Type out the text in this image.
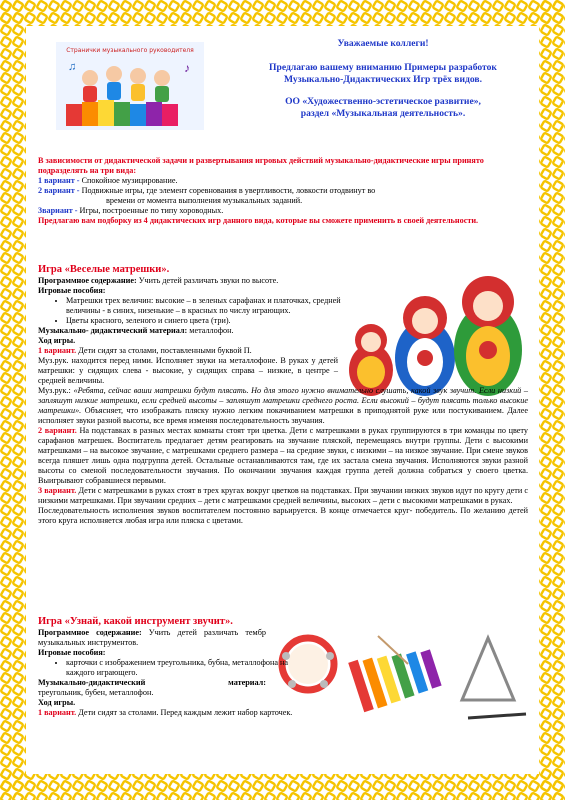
Странички музыкального руководителя
♪
♫
Уважаемые коллеги!
Предлагаю вашему вниманию Примеры разработок
Музыкально-Дидактических Игр трёх видов.
ОО «Художественно-эстетическое развитие»,
раздел «Музыкальная деятельность».

В зависимости от дидактической задачи и развертывания игровых действий музыкально-дидактические игры принято подразделять на три вида:

1 вариант - Спокойное музицирование.

2 вариант - Подвижные игры, где элемент соревнования в увертливости, ловкости отодвинут во

времени от момента выполнения музыкальных заданий.

3вариант - Игры, построенные по типу хороводных.

Предлагаю вам подборку из 4 дидактических игр данного вида, которые вы сможете применить в своей деятельности.

Игра «Веселые матрешки».

Программное содержание: Учить детей различать звуки по высоте.

Игровые пособия:

• Матрешки трех величин: высокие – в зеленых сарафанах и платочках, средней величины - в синих, низенькие – в красных по числу играющих.
• Цветы красного, зеленого и синего цвета (три).

Музыкально- дидактический материал: металлофон.

Ход игры.

1 вариант. Дети сидят за столами, поставленными буквой П.

Муз.рук. находится перед ними. Исполняет звуки на металлофоне. В руках у детей матрешки: у сидящих слева - высокие, у сидящих справа – низкие, в центре – средней величины.

Муз.рук.: «Ребята, сейчас ваши матрешки будут плясать. Но для этого нужно внимательно слушать, какой звук звучит. Если низкий – запляшут низкие матрешки, если средней высоты – запляшут матрешки среднего роста. Если высокий – будут плясать только высокие матрешки». Объясняет, что изображать пляску нужно легким покачиванием матрешки в приподнятой руке или постукиванием. Далее исполняет звуки разной высоты, все время изменяя последовательность звучания.

2 вариант. На подставках в разных местах комнаты стоят три цветка. Дети с матрешками в руках группируются в три команды по цвету сарафанов матрешек. Воспитатель предлагает детям реагировать на звучание пляской, перемещаясь внутри группы. Дети с высокими матрешками – на высокое звучание, с матрешками среднего размера – на средние звуки, с низкими – на низкое звучание. При смене звуков всегда пляшет лишь одна подгруппа детей. Остальные останавливаются там, где их застала смена звучания. Исполняются звуки разной высоты со сменой последовательности звучания. По окончании звучания каждая группа детей должна собраться у своего цветка. Выигрывают собравшиеся первыми.

3 вариант. Дети с матрешками в руках стоят в трех кругах вокруг цветков на подставках. При звучании низких звуков идут по кругу дети с низкими матрешками. При звучании средних – дети с матрешками средней величины, высоких – дети с высокими матрешками в руках.

Последовательность исполнения звуков воспитателем постоянно варьируется. В конце отмечается круг- победитель. По желанию детей этого круга исполняется любая игра или пляска с цветами.

Игра «Узнай, какой инструмент звучит».

Программное содержание: Учить детей различать тембр музыкальных инструментов.

Игровые пособия:

• карточки с изображением треугольника, бубна, металлофона на каждого играющего.

Музыкально-дидактический материал:

треугольник, бубен, металлофон.

Ход игры.

1 вариант. Дети сидят за столами. Перед каждым лежит набор карточек.
